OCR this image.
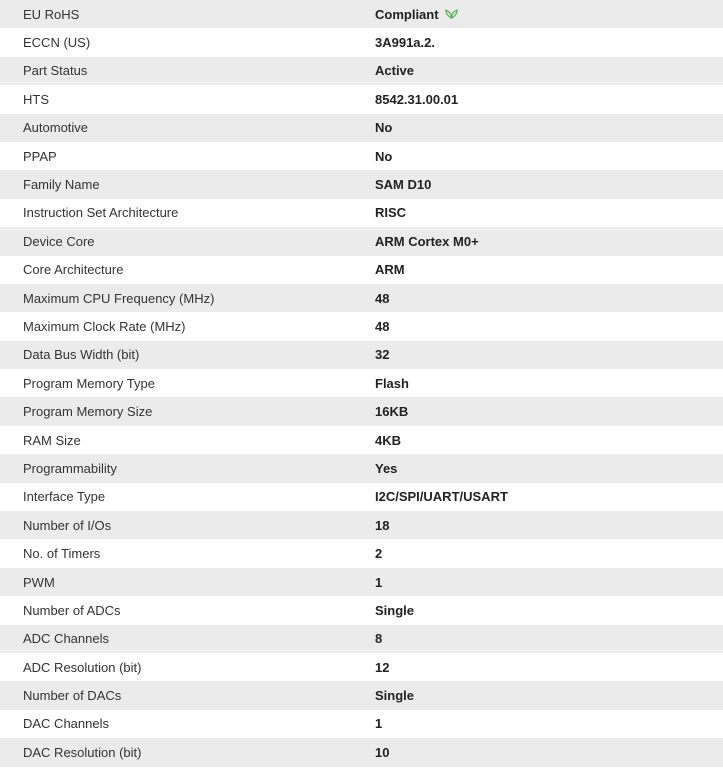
EU RoHS	Compliant
ECCN (US)	3A991a.2.
Part Status	Active
HTS	8542.31.00.01
Automotive	No
PPAP	No
Family Name	SAM D10
Instruction Set Architecture	RISC
Device Core	ARM Cortex M0+
Core Architecture	ARM
Maximum CPU Frequency (MHz)	48
Maximum Clock Rate (MHz)	48
Data Bus Width (bit)	32
Program Memory Type	Flash
Program Memory Size	16KB
RAM Size	4KB
Programmability	Yes
Interface Type	I2C/SPI/UART/USART
Number of I/Os	18
No. of Timers	2
PWM	1
Number of ADCs	Single
ADC Channels	8
ADC Resolution (bit)	12
Number of DACs	Single
DAC Channels	1
DAC Resolution (bit)	10
